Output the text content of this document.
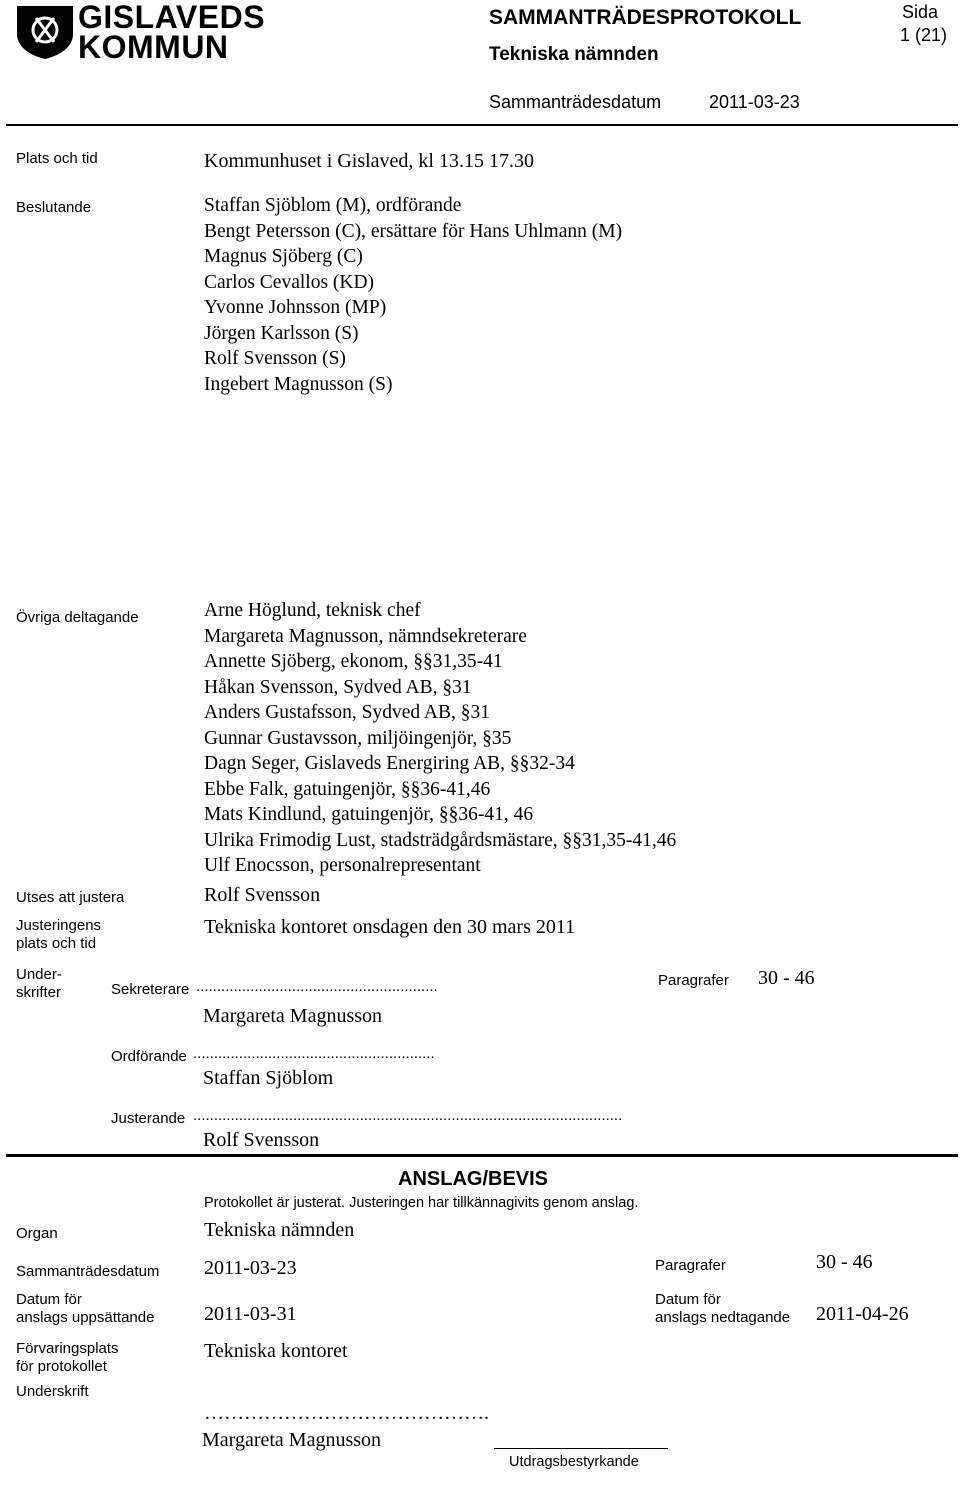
GISLAVEDS
KOMMUN
SAMMANTRÄDESPROTOKOLL
Tekniska nämnden
Sammanträdesdatum	2011-03-23
Sida
1 (21)
Plats och tid	Kommunhuset i Gislaved, kl 13.15 17.30
Beslutande	Staffan Sjöblom (M), ordförande
Bengt Petersson (C), ersättare för Hans Uhlmann (M)
Magnus Sjöberg (C)
Carlos Cevallos (KD)
Yvonne Johnsson (MP)
Jörgen Karlsson (S)
Rolf Svensson (S)
Ingebert Magnusson (S)
Övriga deltagande	Arne Höglund, teknisk chef
Margareta Magnusson, nämndsekreterare
Annette Sjöberg, ekonom, §§31,35-41
Håkan Svensson, Sydved AB, §31
Anders Gustafsson, Sydved AB, §31
Gunnar Gustavsson, miljöingenjör, §35
Dagn Seger, Gislaveds Energiring AB, §§32-34
Ebbe Falk, gatuingenjör, §§36-41,46
Mats Kindlund, gatuingenjör, §§36-41, 46
Ulrika Frimodig Lust, stadsträdgårdsmästare, §§31,35-41,46
Ulf Enocsson, personalrepresentant
Utses att justera	Rolf Svensson
Justeringens
plats och tid
Tekniska kontoret onsdagen den 30 mars 2011
Under-
skrifter	Sekreterare ..........................................................
Margareta Magnusson
Paragrafer 30 - 46
Ordförande ..........................................................
Staffan Sjöblom
Justerande .......................................................................................................
Rolf Svensson
ANSLAG/BEVIS
Protokollet är justerat. Justeringen har tillkännagivits genom anslag.
Organ	Tekniska nämnden
Sammanträdesdatum 2011-03-23	Paragrafer	30 - 46
Datum för
anslags uppsättande 2011-03-31
Datum för
anslags nedtagande 2011-04-26
Förvaringsplats
för protokollet
Tekniska kontoret
Underskrift
…………………………………….
Margareta Magnusson
Utdragsbestyrkande
